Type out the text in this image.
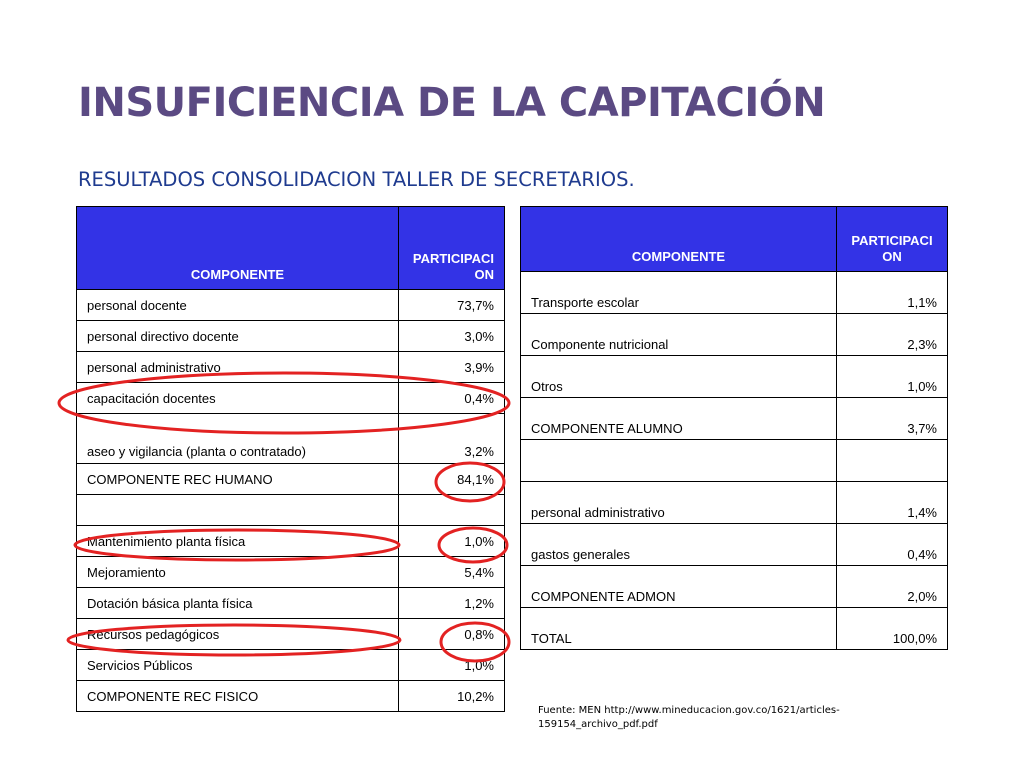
INSUFICIENCIA DE LA CAPITACIÓN

RESULTADOS CONSOLIDACION TALLER DE SECRETARIOS.

COMPONENTE	PARTICIPACION
personal docente	73,7%
personal directivo docente	3,0%
personal administrativo	3,9%
capacitación docentes	0,4%
aseo y vigilancia (planta o contratado)	3,2%
COMPONENTE REC HUMANO	84,1%

Mantenimiento planta física	1,0%
Mejoramiento	5,4%
Dotación básica planta física	1,2%
Recursos pedagógicos	0,8%
Servicios Públicos	1,0%
COMPONENTE REC FISICO	10,2%
COMPONENTE	PARTICIPACION
Transporte escolar	1,1%
Componente nutricional	2,3%
Otros	1,0%
COMPONENTE ALUMNO	3,7%

personal administrativo	1,4%
gastos generales	0,4%
COMPONENTE ADMON	2,0%
TOTAL	100,0%

Fuente: MEN http://www.mineducacion.gov.co/1621/articles-159154_archivo_pdf.pdf
